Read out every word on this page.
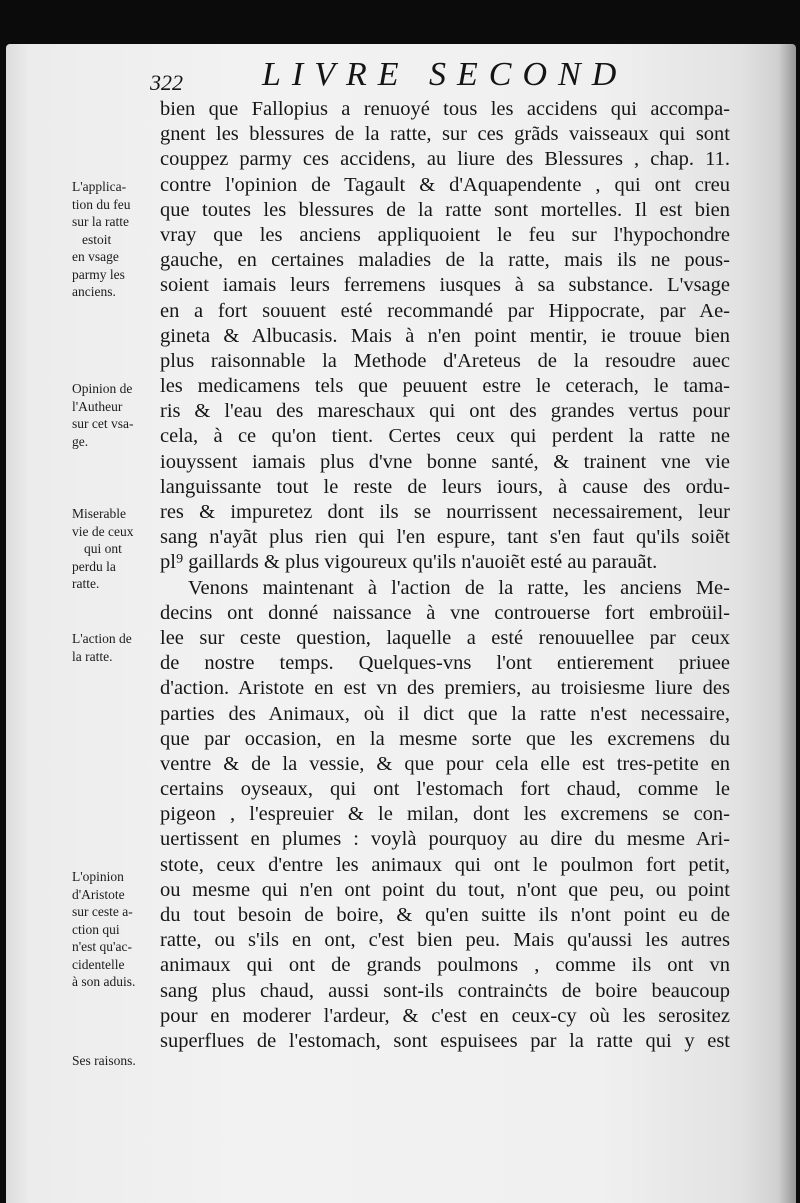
322 LIVRE SECOND
L'applica-
tion du feu
sur la ratte
estoit
en vsage
parmy les
anciens.
Opinion de
l'Autheur
sur cet vsa-
ge.
Miserable
vie de ceux
qui ont
perdu la
ratte.
L'action de
la ratte.
L'opinion
d'Aristote
sur ceste a-
ction qui
n'est qu'ac-
cidentelle
à son aduis.
Ses raisons.
bien que Fallopius a renuoyé tous les accidens qui accompa-
gnent les blessures de la ratte, sur ces grãds vaisseaux qui sont
couppez parmy ces accidens, au liure des Blessures , chap. 11.
contre l'opinion de Tagault & d'Aquapendente , qui ont creu
que toutes les blessures de la ratte sont mortelles. Il est bien
vray que les anciens appliquoient le feu sur l'hypochondre
gauche, en certaines maladies de la ratte, mais ils ne pous-
soient iamais leurs ferremens iusques à sa substance. L'vsage
en a fort souuent esté recommandé par Hippocrate, par Ae-
gineta & Albucasis. Mais à n'en point mentir, ie trouue bien
plus raisonnable la Methode d'Areteus de la resoudre auec
les medicamens tels que peuuent estre le ceterach, le tama-
ris & l'eau des mareschaux qui ont des grandes vertus pour
cela, à ce qu'on tient. Certes ceux qui perdent la ratte ne
iouyssent iamais plus d'vne bonne santé, & trainent vne vie
languissante tout le reste de leurs iours, à cause des ordu-
res & impuretez dont ils se nourrissent necessairement, leur
sang n'ayãt plus rien qui l'en espure, tant s'en faut qu'ils soiẽt
pl⁹ gaillards & plus vigoureux qu'ils n'auoiẽt esté au parauãt.
Venons maintenant à l'action de la ratte, les anciens Me-
decins ont donné naissance à vne controuerse fort embroüil-
lee sur ceste question, laquelle a esté renouuellee par ceux
de nostre temps. Quelques-vns l'ont entierement priuee
d'action. Aristote en est vn des premiers, au troisiesme liure des
parties des Animaux, où il dict que la ratte n'est necessaire,
que par occasion, en la mesme sorte que les excremens du
ventre & de la vessie, & que pour cela elle est tres-petite en
certains oyseaux, qui ont l'estomach fort chaud, comme le
pigeon , l'espreuier & le milan, dont les excremens se con-
uertissent en plumes : voylà pourquoy au dire du mesme Ari-
stote, ceux d'entre les animaux qui ont le poulmon fort petit,
ou mesme qui n'en ont point du tout, n'ont que peu, ou point
du tout besoin de boire, & qu'en suitte ils n'ont point eu de
ratte, ou s'ils en ont, c'est bien peu. Mais qu'aussi les autres
animaux qui ont de grands poulmons , comme ils ont vn
sang plus chaud, aussi sont-ils contrainċts de boire beaucoup
pour en moderer l'ardeur, & c'est en ceux-cy où les serositez
superflues de l'estomach, sont espuisees par la ratte qui y est
